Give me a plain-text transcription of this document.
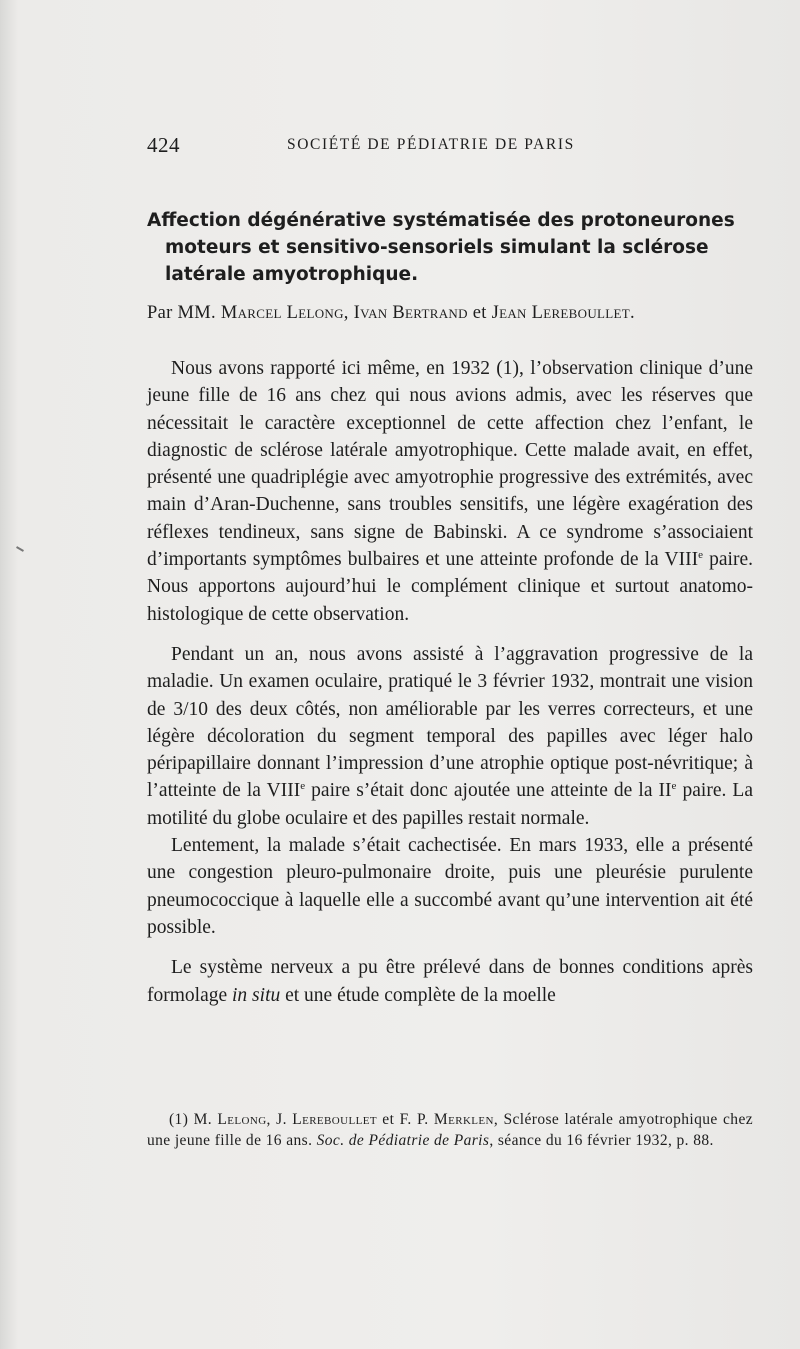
424	SOCIÉTÉ DE PÉDIATRIE DE PARIS
Affection dégénérative systématisée des protoneurones
moteurs et sensitivo-sensoriels simulant la sclérose
latérale amyotrophique.
Par MM. Marcel Lelong, Ivan Bertrand et Jean Lereboullet.

Nous avons rapporté ici même, en 1932 (1), l’observation clinique d’une jeune fille de 16 ans chez qui nous avions admis, avec les réserves que nécessitait le caractère exceptionnel de cette affection chez l’enfant, le diagnostic de sclérose latérale amyotrophique. Cette malade avait, en effet, présenté une quadriplégie avec amyotrophie progressive des extrémités, avec main d’Aran-Duchenne, sans troubles sensitifs, une légère exagération des réflexes tendineux, sans signe de Babinski. A ce syndrome s’associaient d’importants symptômes bulbaires et une atteinte profonde de la VIIIe paire. Nous apportons aujourd’hui le complément clinique et surtout anatomo-histologique de cette observation.

Pendant un an, nous avons assisté à l’aggravation progressive de la maladie. Un examen oculaire, pratiqué le 3 février 1932, montrait une vision de 3/10 des deux côtés, non améliorable par les verres correcteurs, et une légère décoloration du segment temporal des papilles avec léger halo péripapillaire donnant l’impression d’une atrophie optique post-névritique; à l’atteinte de la VIIIe paire s’était donc ajoutée une atteinte de la IIe paire. La motilité du globe oculaire et des papilles restait normale.

Lentement, la malade s’était cachectisée. En mars 1933, elle a présenté une congestion pleuro-pulmonaire droite, puis une pleurésie purulente pneumococcique à laquelle elle a succombé avant qu’une intervention ait été possible.

Le système nerveux a pu être prélevé dans de bonnes conditions après formolage in situ et une étude complète de la moelle

(1) M. Lelong, J. Lereboullet et F. P. Merklen, Sclérose latérale amyotrophique chez une jeune fille de 16 ans. Soc. de Pédiatrie de Paris, séance du 16 février 1932, p. 88.
